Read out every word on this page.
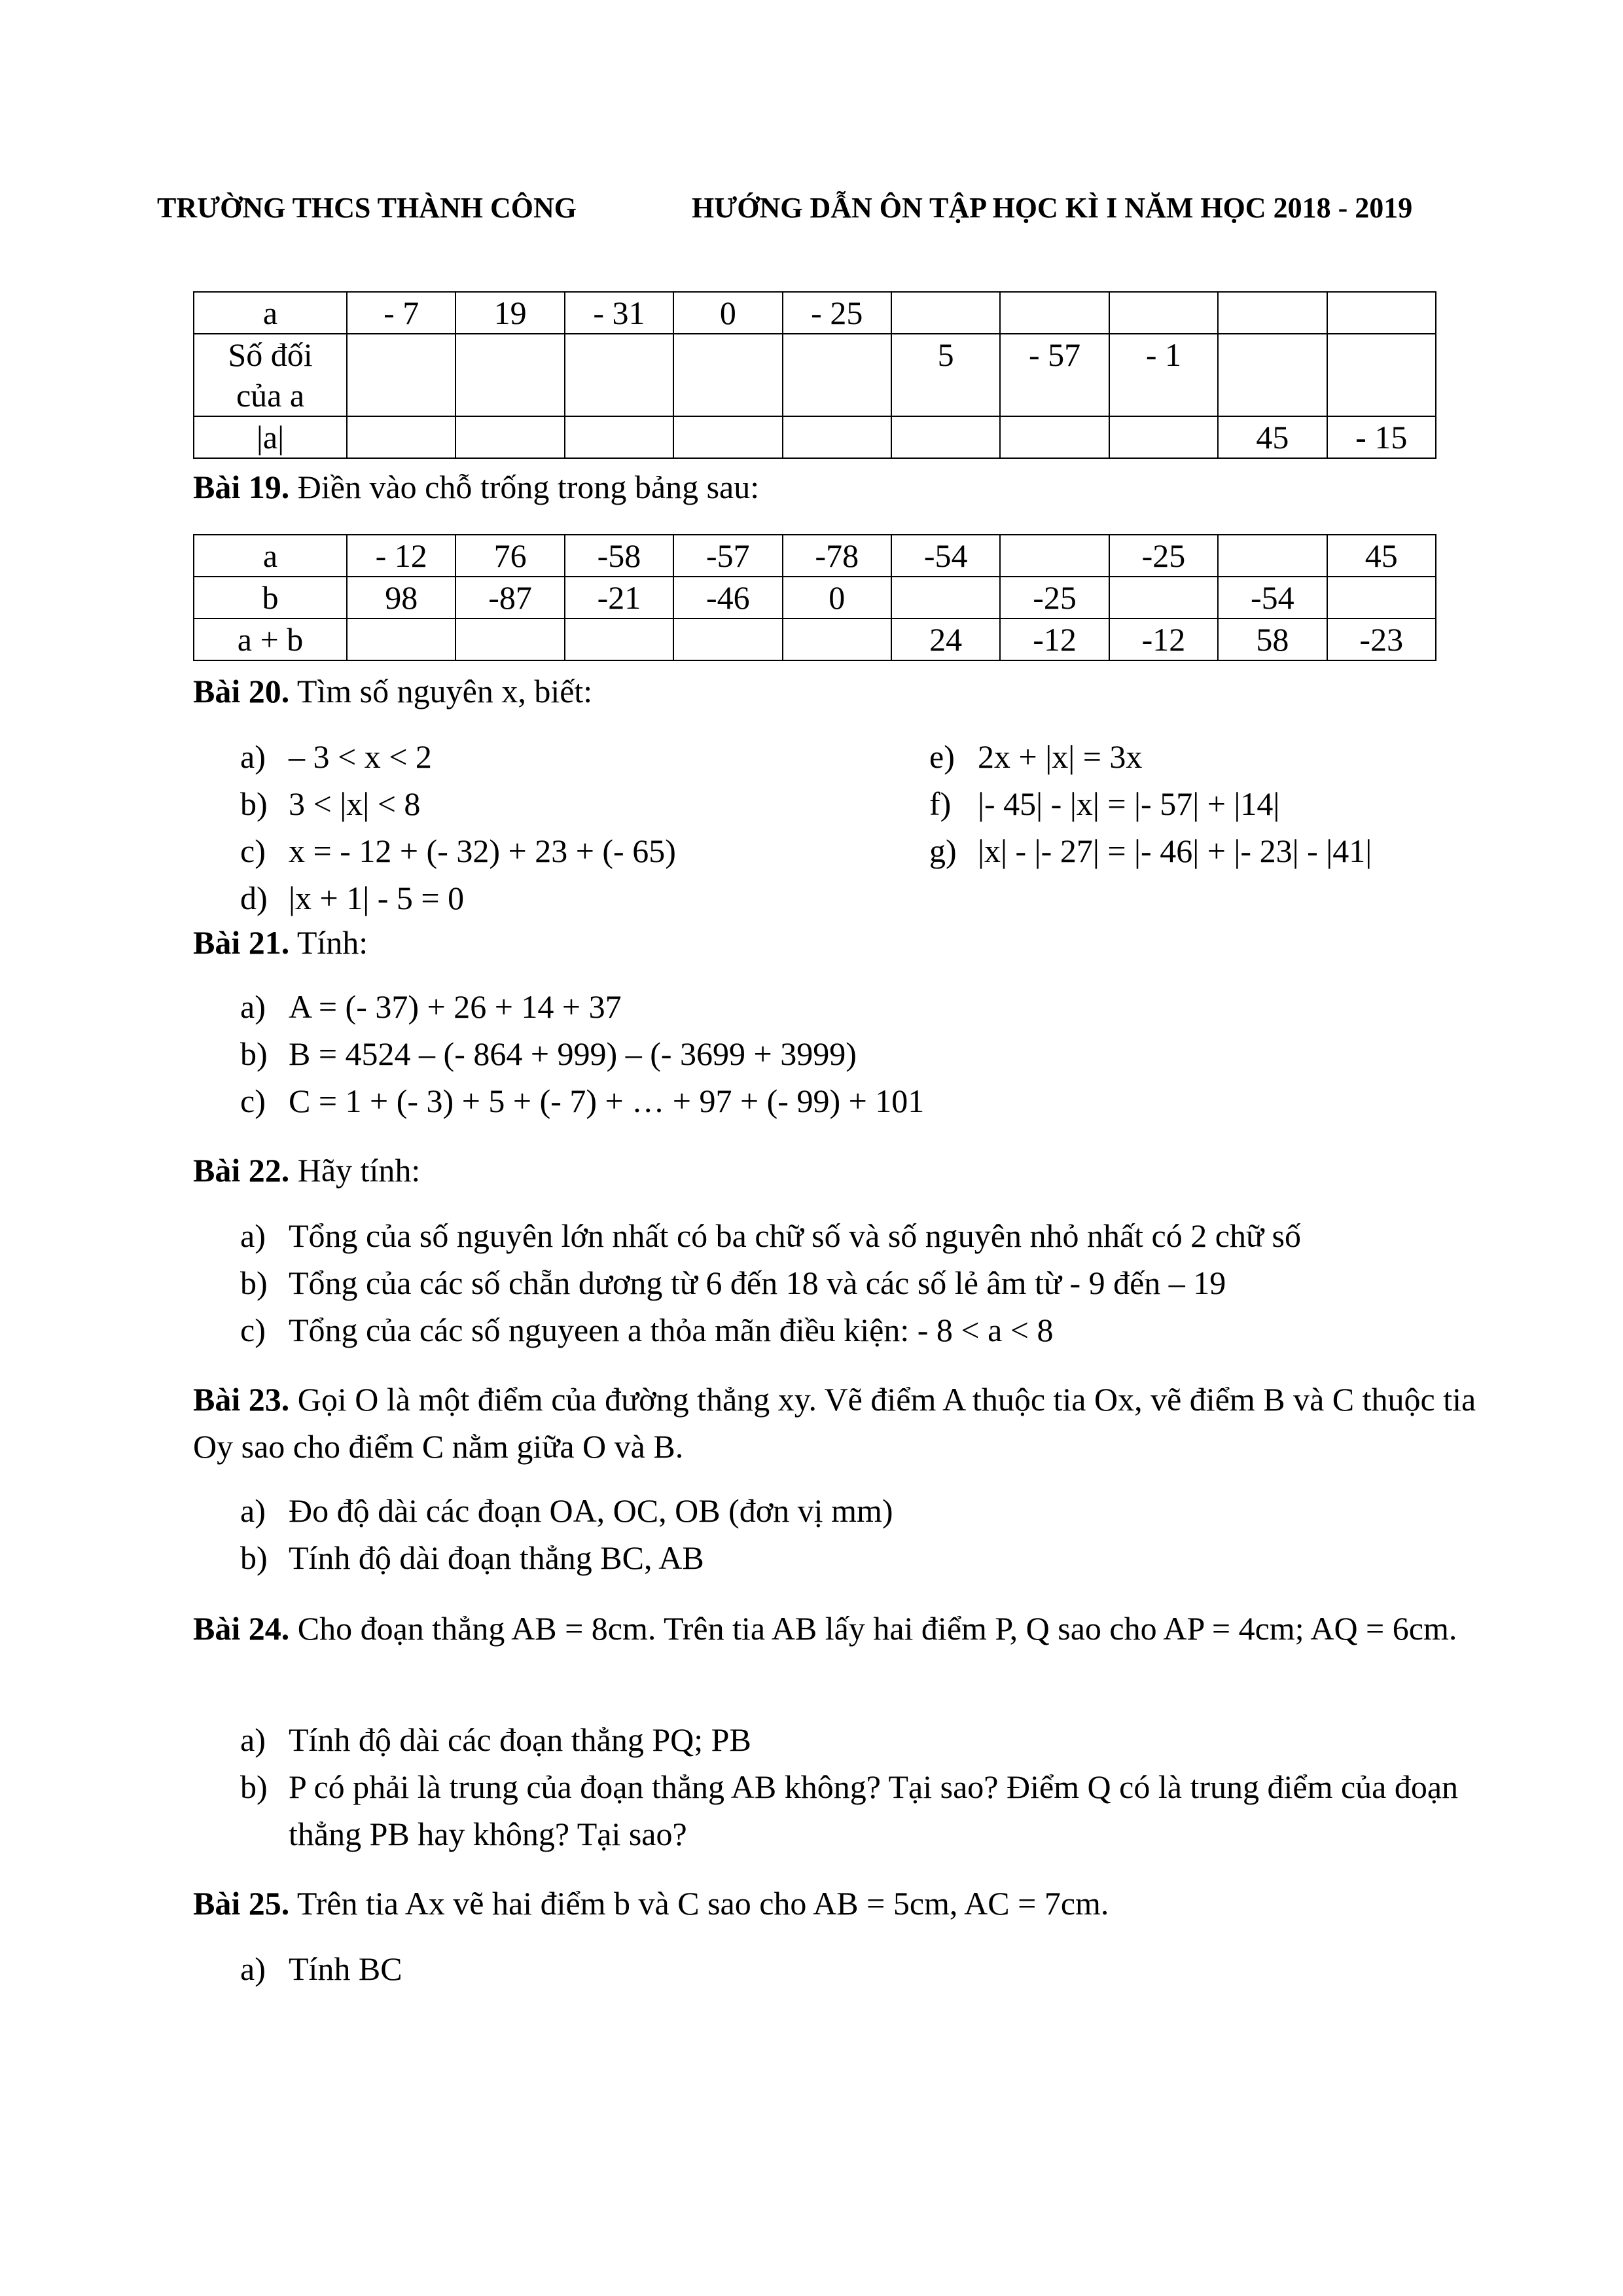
TRƯỜNG THCS THÀNH CÔNG	HƯỚNG DẪN ÔN TẬP HỌC KÌ I NĂM HỌC 2018 - 2019
a	- 7	19	- 31	0	- 25					

Số đối
của a						5	- 57	- 1		
|a|									45	- 15
Bài 19. Điền vào chỗ trống trong bảng sau:
a	- 12	76	-58	-57	-78	-54		-25		45
b	98	-87	-21	-46	0		-25		-54	
a + b						24	-12	-12	58	-23
Bài 20. Tìm số nguyên x, biết:
a) – 3 < x < 2
b) 3 < |x| < 8
c) x = - 12 + (- 32) + 23 + (- 65)
d) |x + 1| - 5 = 0
e) 2x + |x| = 3x
f) |- 45| - |x| = |- 57| + |14|
g) |x| - |- 27| = |- 46| + |- 23| - |41|
Bài 21. Tính:
a) A = (- 37) + 26 + 14 + 37
b) B = 4524 – (- 864 + 999) – (- 3699 + 3999)
c) C = 1 + (- 3) + 5 + (- 7) + … + 97 + (- 99) + 101
Bài 22. Hãy tính:
a) Tổng của số nguyên lớn nhất có ba chữ số và số nguyên nhỏ nhất có 2 chữ số
b) Tổng của các số chẵn dương từ 6 đến 18 và các số lẻ âm từ - 9 đến – 19
c) Tổng của các số nguyeen a thỏa mãn điều kiện: - 8 < a < 8
Bài 23. Gọi O là một điểm của đường thẳng xy. Vẽ điểm A thuộc tia Ox, vẽ điểm B và C thuộc tia Oy sao cho điểm C nằm giữa O và B.
a) Đo độ dài các đoạn OA, OC, OB (đơn vị mm)
b) Tính độ dài đoạn thẳng BC, AB
Bài 24. Cho đoạn thẳng AB = 8cm. Trên tia AB lấy hai điểm P, Q sao cho AP = 4cm; AQ = 6cm.
a) Tính độ dài các đoạn thẳng PQ; PB
b) P có phải là trung của đoạn thẳng AB không? Tại sao? Điểm Q có là trung điểm của đoạn thẳng PB hay không? Tại sao?
Bài 25. Trên tia Ax vẽ hai điểm b và C sao cho AB = 5cm, AC = 7cm.
a) Tính BC
